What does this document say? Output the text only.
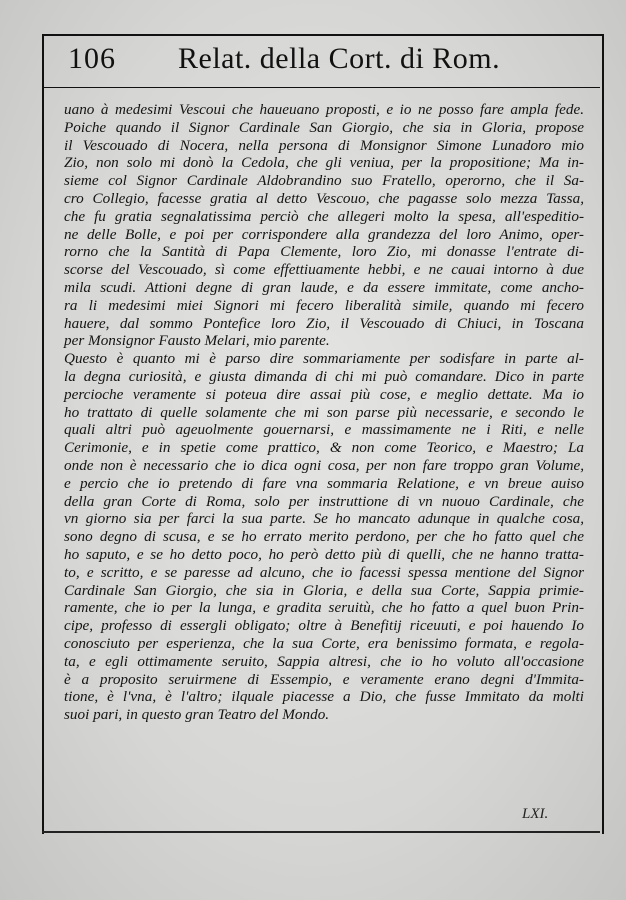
106 Relat. della Cort. di Rom.
uano à medesimi Vescoui che haueuano proposti, e io ne posso fare ampla fede.
Poiche quando il Signor Cardinale San Giorgio, che sia in Gloria, propose
il Vescouado di Nocera, nella persona di Monsignor Simone Lunadoro mio
Zio, non solo mi donò la Cedola, che gli veniua, per la propositione; Ma in-
sieme col Signor Cardinale Aldobrandino suo Fratello, operorno, che il Sa-
cro Collegio, facesse gratia al detto Vescouo, che pagasse solo mezza Tassa,
che fu gratia segnalatissima perciò che allegeri molto la spesa, all'espeditio-
ne delle Bolle, e poi per corrispondere alla grandezza del loro Animo, oper-
rorno che la Santità di Papa Clemente, loro Zio, mi donasse l'entrate di-
scorse del Vescouado, sì come effettiuamente hebbi, e ne cauai intorno à due
mila scudi. Attioni degne di gran laude, e da essere immitate, come ancho-
ra li medesimi miei Signori mi fecero liberalità simile, quando mi fecero
hauere, dal sommo Pontefice loro Zio, il Vescouado di Chiuci, in Toscana
per Monsignor Fausto Melari, mio parente.
Questo è quanto mi è parso dire sommariamente per sodisfare in parte al-
la degna curiosità, e giusta dimanda di chi mi può comandare. Dico in parte
percioche veramente si poteua dire assai più cose, e meglio dettate. Ma io
ho trattato di quelle solamente che mi son parse più necessarie, e secondo le
quali altri può ageuolmente gouernarsi, e massimamente ne i Riti, e nelle
Cerimonie, e in spetie come prattico, & non come Teorico, e Maestro; La
onde non è necessario che io dica ogni cosa, per non fare troppo gran Volume,
e percio che io pretendo di fare vna sommaria Relatione, e vn breue auiso
della gran Corte di Roma, solo per instruttione di vn nuouo Cardinale, che
vn giorno sia per farci la sua parte. Se ho mancato adunque in qualche cosa,
sono degno di scusa, e se ho errato merito perdono, per che ho fatto quel che
ho saputo, e se ho detto poco, ho però detto più di quelli, che ne hanno tratta-
to, e scritto, e se paresse ad alcuno, che io facessi spessa mentione del Signor
Cardinale San Giorgio, che sia in Gloria, e della sua Corte, Sappia primie-
ramente, che io per la lunga, e gradita seruitù, che ho fatto a quel buon Prin-
cipe, professo di essergli obligato; oltre à Benefitij riceuuti, e poi hauendo Io
conosciuto per esperienza, che la sua Corte, era benissimo formata, e regola-
ta, e egli ottimamente seruito, Sappia altresi, che io ho voluto all'occasione
è a proposito seruirmene di Essempio, e veramente erano degni d'Immita-
tione, è l'vna, è l'altro; ilquale piacesse a Dio, che fusse Immitato da molti
suoi pari, in questo gran Teatro del Mondo.
LXI.
